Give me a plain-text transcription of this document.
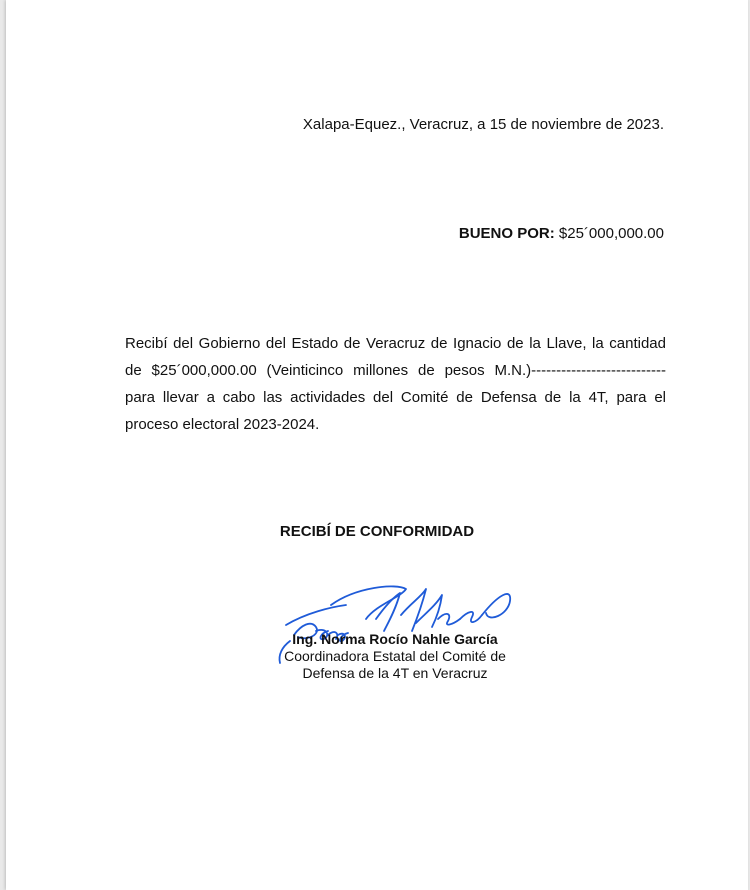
Xalapa-Equez., Veracruz, a 15 de noviembre de 2023.
BUENO POR: $25´000,000.00
Recibí del Gobierno del Estado de Veracruz de Ignacio de la Llave, la cantidad
de $25´000,000.00 (Veinticinco millones de pesos M.N.)---------------------------
para llevar a cabo las actividades del Comité de Defensa de la 4T, para el
proceso electoral 2023-2024.
RECIBÍ DE CONFORMIDAD
Ing. Norma Rocío Nahle García
Coordinadora Estatal del Comité de
Defensa de la 4T en Veracruz
